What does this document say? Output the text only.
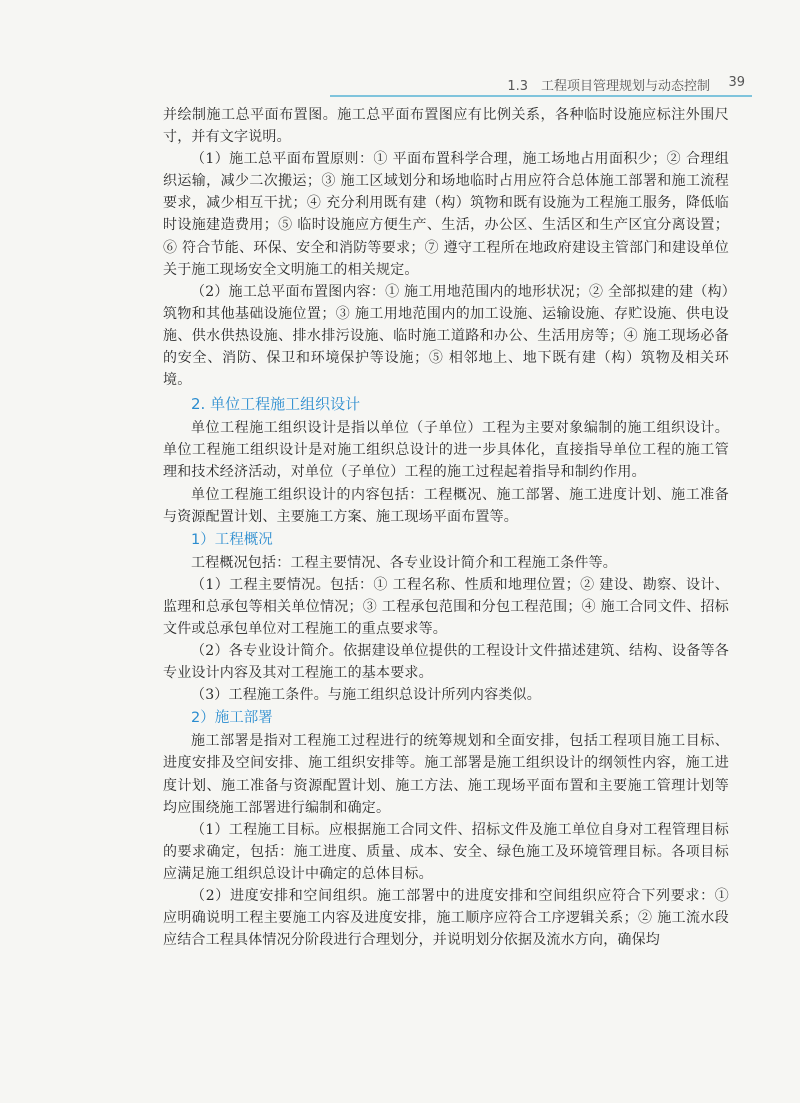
1.3　工程项目管理规划与动态控制 39

并绘制施工总平面布置图。施工总平面布置图应有比例关系，各种临时设施应标注外围尺寸，并有文字说明。

（1）施工总平面布置原则：① 平面布置科学合理，施工场地占用面积少；② 合理组织运输，减少二次搬运；③ 施工区域划分和场地临时占用应符合总体施工部署和施工流程要求，减少相互干扰；④ 充分利用既有建（构）筑物和既有设施为工程施工服务，降低临时设施建造费用；⑤ 临时设施应方便生产、生活，办公区、生活区和生产区宜分离设置；⑥ 符合节能、环保、安全和消防等要求；⑦ 遵守工程所在地政府建设主管部门和建设单位关于施工现场安全文明施工的相关规定。

（2）施工总平面布置图内容：① 施工用地范围内的地形状况；② 全部拟建的建（构）筑物和其他基础设施位置；③ 施工用地范围内的加工设施、运输设施、存贮设施、供电设施、供水供热设施、排水排污设施、临时施工道路和办公、生活用房等；④ 施工现场必备的安全、消防、保卫和环境保护等设施；⑤ 相邻地上、地下既有建（构）筑物及相关环境。

2. 单位工程施工组织设计

单位工程施工组织设计是指以单位（子单位）工程为主要对象编制的施工组织设计。单位工程施工组织设计是对施工组织总设计的进一步具体化，直接指导单位工程的施工管理和技术经济活动，对单位（子单位）工程的施工过程起着指导和制约作用。

单位工程施工组织设计的内容包括：工程概况、施工部署、施工进度计划、施工准备与资源配置计划、主要施工方案、施工现场平面布置等。

1）工程概况

工程概况包括：工程主要情况、各专业设计简介和工程施工条件等。

（1）工程主要情况。包括：① 工程名称、性质和地理位置；② 建设、勘察、设计、监理和总承包等相关单位情况；③ 工程承包范围和分包工程范围；④ 施工合同文件、招标文件或总承包单位对工程施工的重点要求等。

（2）各专业设计简介。依据建设单位提供的工程设计文件描述建筑、结构、设备等各专业设计内容及其对工程施工的基本要求。

（3）工程施工条件。与施工组织总设计所列内容类似。

2）施工部署

施工部署是指对工程施工过程进行的统筹规划和全面安排，包括工程项目施工目标、进度安排及空间安排、施工组织安排等。施工部署是施工组织设计的纲领性内容，施工进度计划、施工准备与资源配置计划、施工方法、施工现场平面布置和主要施工管理计划等均应围绕施工部署进行编制和确定。

（1）工程施工目标。应根据施工合同文件、招标文件及施工单位自身对工程管理目标的要求确定，包括：施工进度、质量、成本、安全、绿色施工及环境管理目标。各项目标应满足施工组织总设计中确定的总体目标。

（2）进度安排和空间组织。施工部署中的进度安排和空间组织应符合下列要求：① 应明确说明工程主要施工内容及进度安排，施工顺序应符合工序逻辑关系；② 施工流水段应结合工程具体情况分阶段进行合理划分，并说明划分依据及流水方向，确保均
